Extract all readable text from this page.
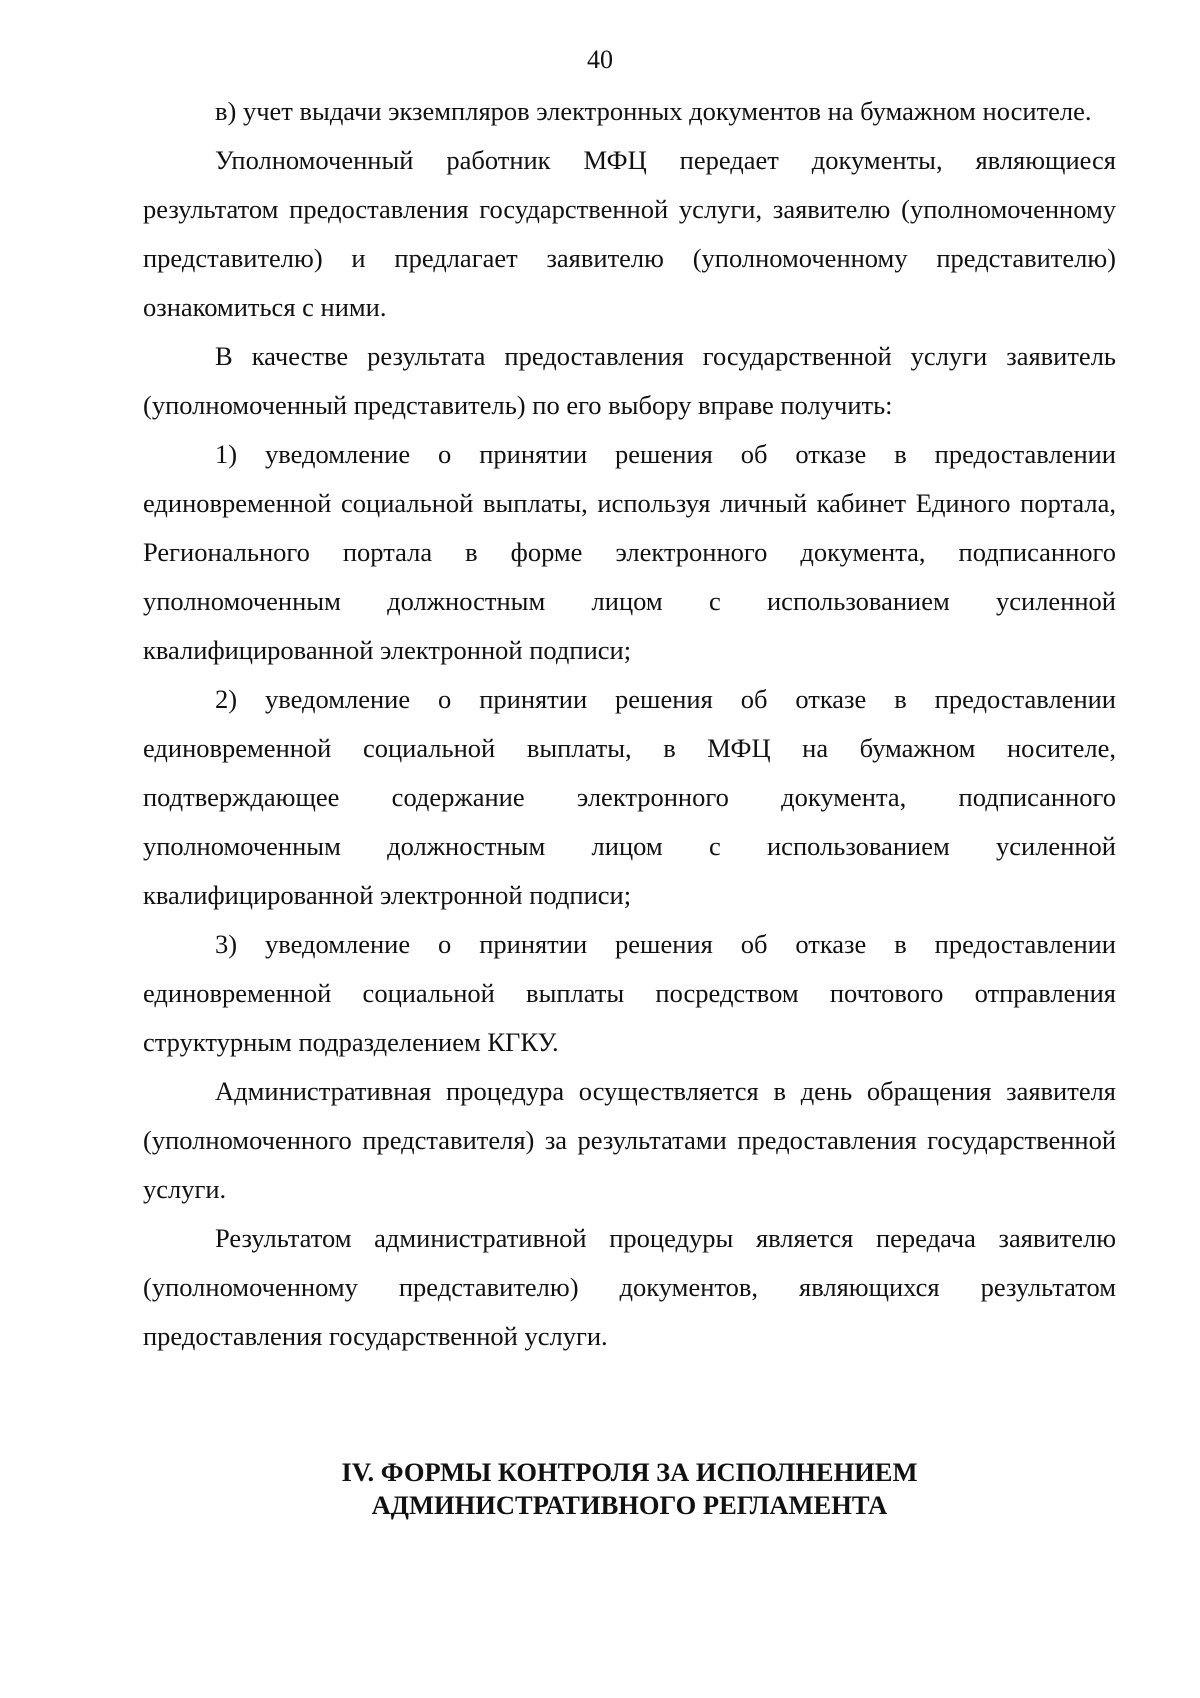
40

в) учет выдачи экземпляров электронных документов на бумажном носителе.

Уполномоченный работник МФЦ передает документы, являющиеся результатом предоставления государственной услуги, заявителю (уполномоченному представителю) и предлагает заявителю (уполномоченному представителю) ознакомиться с ними.

В качестве результата предоставления государственной услуги заявитель (уполномоченный представитель) по его выбору вправе получить:

1) уведомление о принятии решения об отказе в предоставлении единовременной социальной выплаты, используя личный кабинет Единого портала, Регионального портала в форме электронного документа, подписанного уполномоченным должностным лицом с использованием усиленной квалифицированной электронной подписи;

2) уведомление о принятии решения об отказе в предоставлении единовременной социальной выплаты, в МФЦ на бумажном носителе, подтверждающее содержание электронного документа, подписанного уполномоченным должностным лицом с использованием усиленной квалифицированной электронной подписи;

3) уведомление о принятии решения об отказе в предоставлении единовременной социальной выплаты посредством почтового отправления структурным подразделением КГКУ.

Административная процедура осуществляется в день обращения заявителя (уполномоченного представителя) за результатами предоставления государственной услуги.

Результатом административной процедуры является передача заявителю (уполномоченному представителю) документов, являющихся результатом предоставления государственной услуги.

IV. ФОРМЫ КОНТРОЛЯ ЗА ИСПОЛНЕНИЕМ
АДМИНИСТРАТИВНОГО РЕГЛАМЕНТА
